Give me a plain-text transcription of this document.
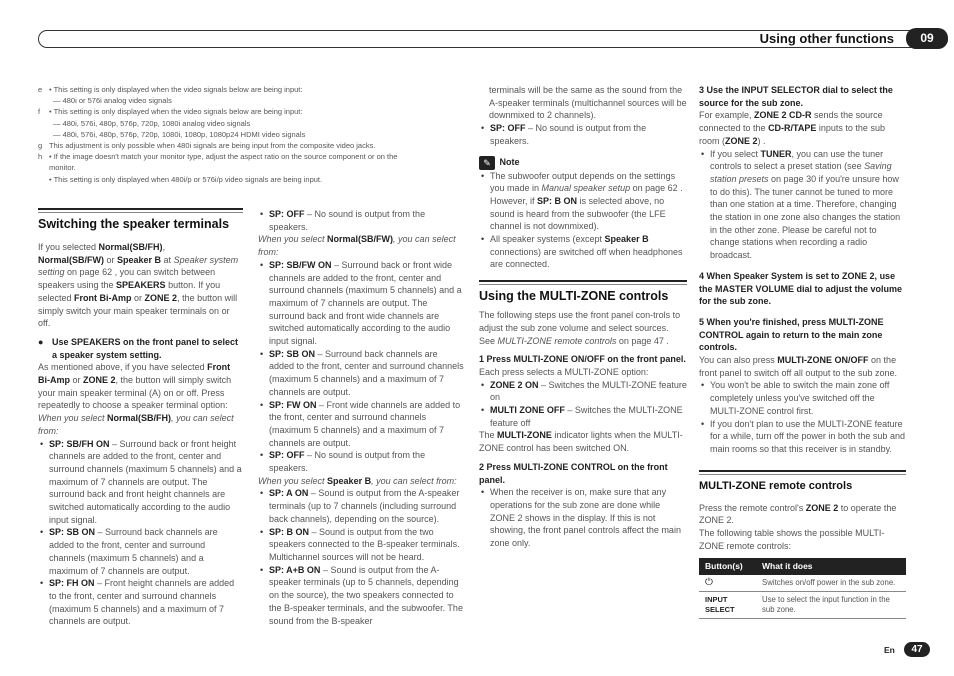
Using other functions	09
e • This setting is only displayed when the video signals below are being input:
— 480i or 576i analog video signals
f • This setting is only displayed when the video signals below are being input:
— 480i, 576i, 480p, 576p, 720p, 1080i analog video signals
— 480i, 576i, 480p, 576p, 720p, 1080i, 1080p, 1080p24 HDMI video signals
g This adjustment is only possible when 480i signals are being input from the composite video jacks.
h • If the image doesn't match your monitor type, adjust the aspect ratio on the source component or on the
monitor.
• This setting is only displayed when 480i/p or 576i/p video signals are being input.
Switching the speaker terminals

If you selected Normal(SB/FH),
Normal(SB/FW) or Speaker B at Speaker system setting on page 62 , you can switch between speakers using the SPEAKERS button. If you selected Front Bi-Amp or ZONE 2, the button will simply switch your main speaker terminals on or off.

● Use SPEAKERS on the front panel to select a speaker system setting.

As mentioned above, if you have selected Front Bi-Amp or ZONE 2, the button will simply switch your main speaker terminal (A) on or off. Press repeatedly to choose a speaker terminal option:

When you select Normal(SB/FH), you can select from:

• SP: SB/FH ON – Surround back or front height channels are added to the front, center and surround channels (maximum 5 channels) and a maximum of 7 channels are output. The surround back and front height channels are switched automatically according to the audio input signal.
• SP: SB ON – Surround back channels are added to the front, center and surround channels (maximum 5 channels) and a maximum of 7 channels are output.
• SP: FH ON – Front height channels are added to the front, center and surround channels (maximum 5 channels) and a maximum of 7 channels are output.
• SP: OFF – No sound is output from the speakers.

When you select Normal(SB/FW), you can select from:

• SP: SB/FW ON – Surround back or front wide channels are added to the front, center and surround channels (maximum 5 channels) and a maximum of 7 channels are output. The surround back and front wide channels are switched automatically according to the audio input signal.
• SP: SB ON – Surround back channels are added to the front, center and surround channels (maximum 5 channels) and a maximum of 7 channels are output.
• SP: FW ON – Front wide channels are added to the front, center and surround channels (maximum 5 channels) and a maximum of 7 channels are output.
• SP: OFF – No sound is output from the speakers.

When you select Speaker B, you can select from:

• SP: A ON – Sound is output from the A-speaker terminals (up to 7 channels (including surround back channels), depending on the source).
• SP: B ON – Sound is output from the two speakers connected to the B-speaker terminals. Multichannel sources will not be heard.
• SP: A+B ON – Sound is output from the A-speaker terminals (up to 5 channels, depending on the source), the two speakers connected to the B-speaker terminals, and the subwoofer. The sound from the B-speaker

terminals will be the same as the sound from the A-speaker terminals (multichannel sources will be downmixed to 2 channels).

• SP: OFF – No sound is output from the speakers.
✎ Note
• The subwoofer output depends on the settings you made in Manual speaker setup on page 62 . However, if SP: B ON is selected above, no sound is heard from the subwoofer (the LFE channel is not downmixed).
• All speaker systems (except Speaker B connections) are switched off when headphones are connected.
Using the MULTI-ZONE controls

The following steps use the front panel con-trols to adjust the sub zone volume and select sources. See MULTI-ZONE remote controls on page 47 .

1 Press MULTI-ZONE ON/OFF on the front panel.

Each press selects a MULTI-ZONE option:

• ZONE 2 ON – Switches the MULTI-ZONE feature on
• MULTI ZONE OFF – Switches the MULTI-ZONE feature off

The MULTI-ZONE indicator lights when the MULTI-ZONE control has been switched ON.

2 Press MULTI-ZONE CONTROL on the front panel.

• When the receiver is on, make sure that any operations for the sub zone are done while ZONE 2 shows in the display. If this is not showing, the front panel controls affect the main zone only.

3 Use the INPUT SELECTOR dial to select the source for the sub zone.

For example, ZONE 2 CD-R sends the source connected to the CD-R/TAPE inputs to the sub room (ZONE 2) .

• If you select TUNER, you can use the tuner controls to select a preset station (see Saving station presets on page 30 if you're unsure how to do this). The tuner cannot be tuned to more than one station at a time. Therefore, changing the station in one zone also changes the station in the other zone. Please be careful not to change stations when recording a radio broadcast.

4 When Speaker System is set to ZONE 2, use the MASTER VOLUME dial to adjust the volume for the sub zone.

5 When you're finished, press MULTI-ZONE CONTROL again to return to the main zone controls.

You can also press MULTI-ZONE ON/OFF on the front panel to switch off all output to the sub zone.

• You won't be able to switch the main zone off completely unless you've switched off the MULTI-ZONE control first.
• If you don't plan to use the MULTI-ZONE feature for a while, turn off the power in both the sub and main rooms so that this receiver is in standby.
MULTI-ZONE remote controls

Press the remote control's ZONE 2 to operate the ZONE 2.

The following table shows the possible MULTI-ZONE remote controls:

Button(s)	What it does
⏻	Switches on/off power in the sub zone.
INPUT SELECT	Use to select the input function in the sub zone.
En	47
